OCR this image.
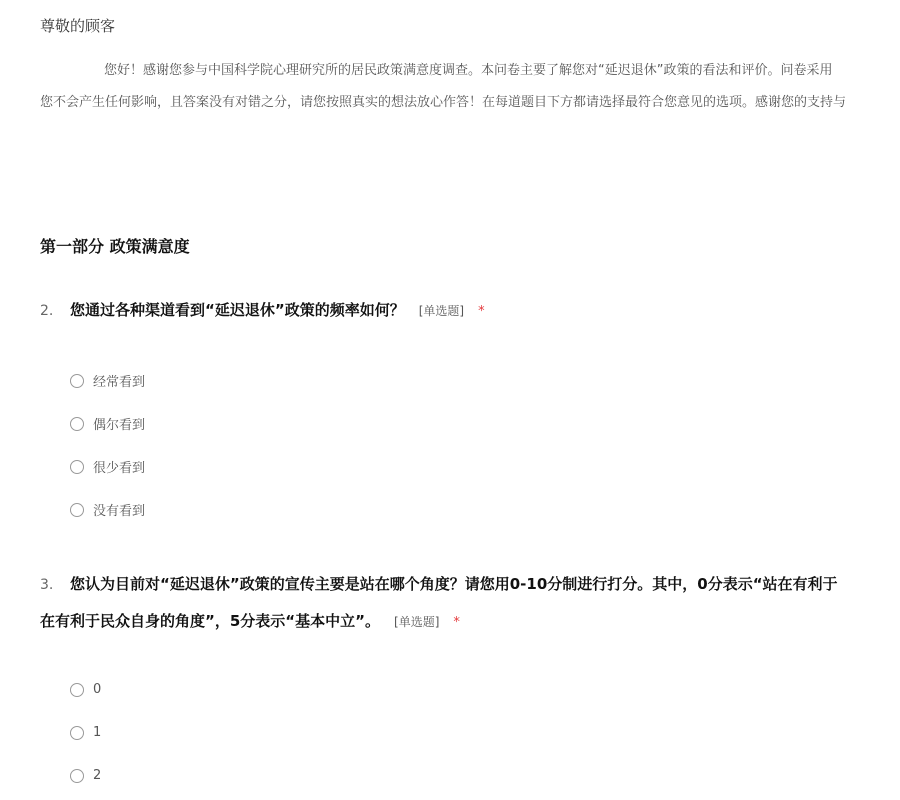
尊敬的顾客
您好！感谢您参与中国科学院心理研究所的居民政策满意度调查。本问卷主要了解您对“延迟退休”政策的看法和评价。问卷采用
您不会产生任何影响，且答案没有对错之分，请您按照真实的想法放心作答！在每道题目下方都请选择最符合您意见的选项。感谢您的支持与
第一部分 政策满意度
2. 您通过各种渠道看到“延迟退休”政策的频率如何？ [单选题] *
经常看到
偶尔看到
很少看到
没有看到
3. 您认为目前对“延迟退休”政策的宣传主要是站在哪个角度？请您用0-10分制进行打分。其中，0分表示“站在有利于
在有利于民众自身的角度”，5分表示“基本中立”。 [单选题] *
0
1
2
